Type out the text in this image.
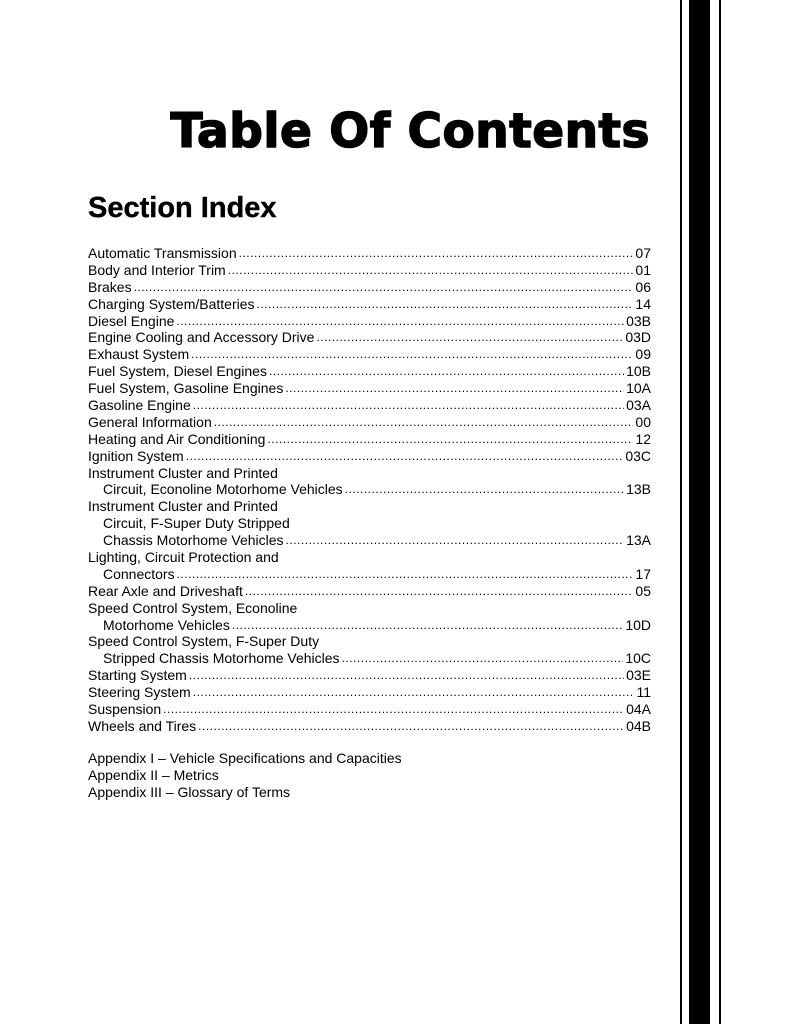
Table Of Contents
Section Index
Automatic Transmission .....	07
Body and Interior Trim .....	01
Brakes .....	06
Charging System/Batteries .....	14
Diesel Engine .....	03B
Engine Cooling and Accessory Drive .....	03D
Exhaust System .....	09
Fuel System, Diesel Engines .....	10B
Fuel System, Gasoline Engines .....	10A
Gasoline Engine .....	03A
General Information .....	00
Heating and Air Conditioning .....	12
Ignition System .....	03C
Instrument Cluster and Printed
Circuit, Econoline Motorhome Vehicles .....	13B
Instrument Cluster and Printed
Circuit, F-Super Duty Stripped
Chassis Motorhome Vehicles .....	13A
Lighting, Circuit Protection and
Connectors .....	17
Rear Axle and Driveshaft .....	05
Speed Control System, Econoline
Motorhome Vehicles .....	10D
Speed Control System, F-Super Duty
Stripped Chassis Motorhome Vehicles .....	10C
Starting System .....	03E
Steering System .....	11
Suspension .....	04A
Wheels and Tires .....	04B
Appendix I – Vehicle Specifications and Capacities
Appendix II – Metrics
Appendix III – Glossary of Terms
